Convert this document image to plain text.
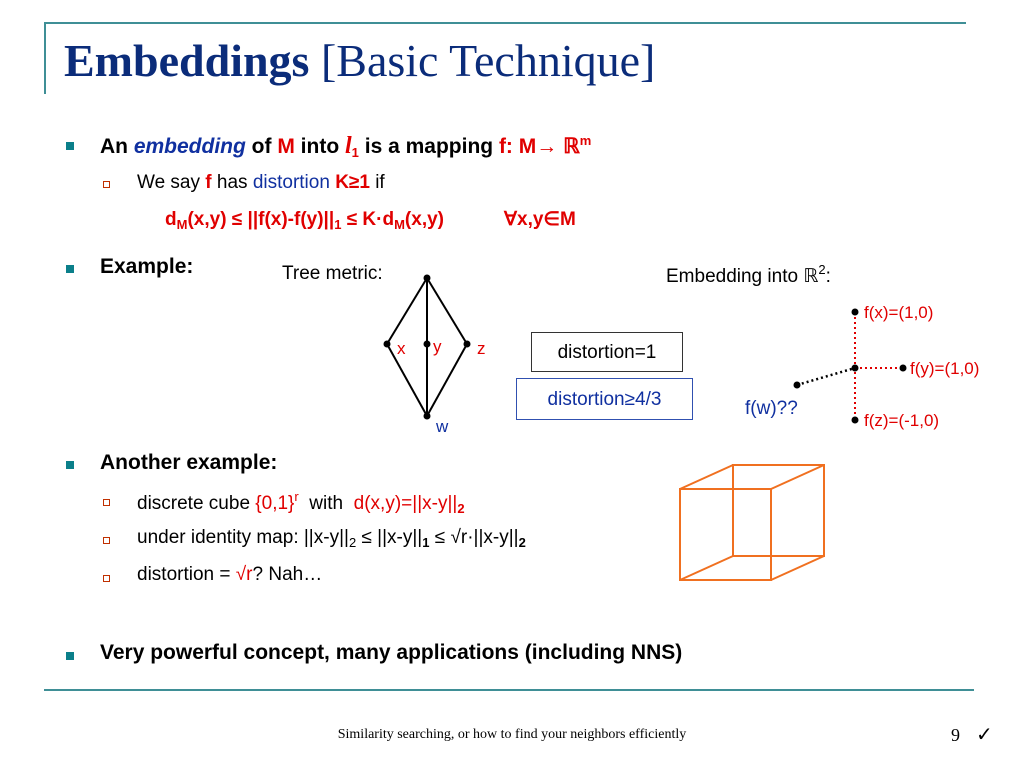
Embeddings [Basic Technique]
An embedding of M into $l_1$ is a mapping f: M→ ℝ$^m$
We say f has distortion K≥1 if
$d_M(x,y) \le ||f(x)-f(y)||_1 \le K\cdot d_M(x,y)$	∀x,y∈M
Example:	Tree metric:	Embedding into ℝ$^2$:
x y z
w
f(x)=(1,0)
f(y)=(1,0)
f(z)=(-1,0)
f(w)??
distortion=1
distortion≥4/3
Another example:
discrete cube $\{0,1\}^r$  with  $d(x,y)=||x-y||_2$
under identity map: $||x-y||_2 \le ||x-y||_1 \le √r\cdot||x-y||_2$
distortion = √r? Nah…
Very powerful concept, many applications (including NNS)
Similarity searching, or how to find your neighbors efficiently	9 ✓
